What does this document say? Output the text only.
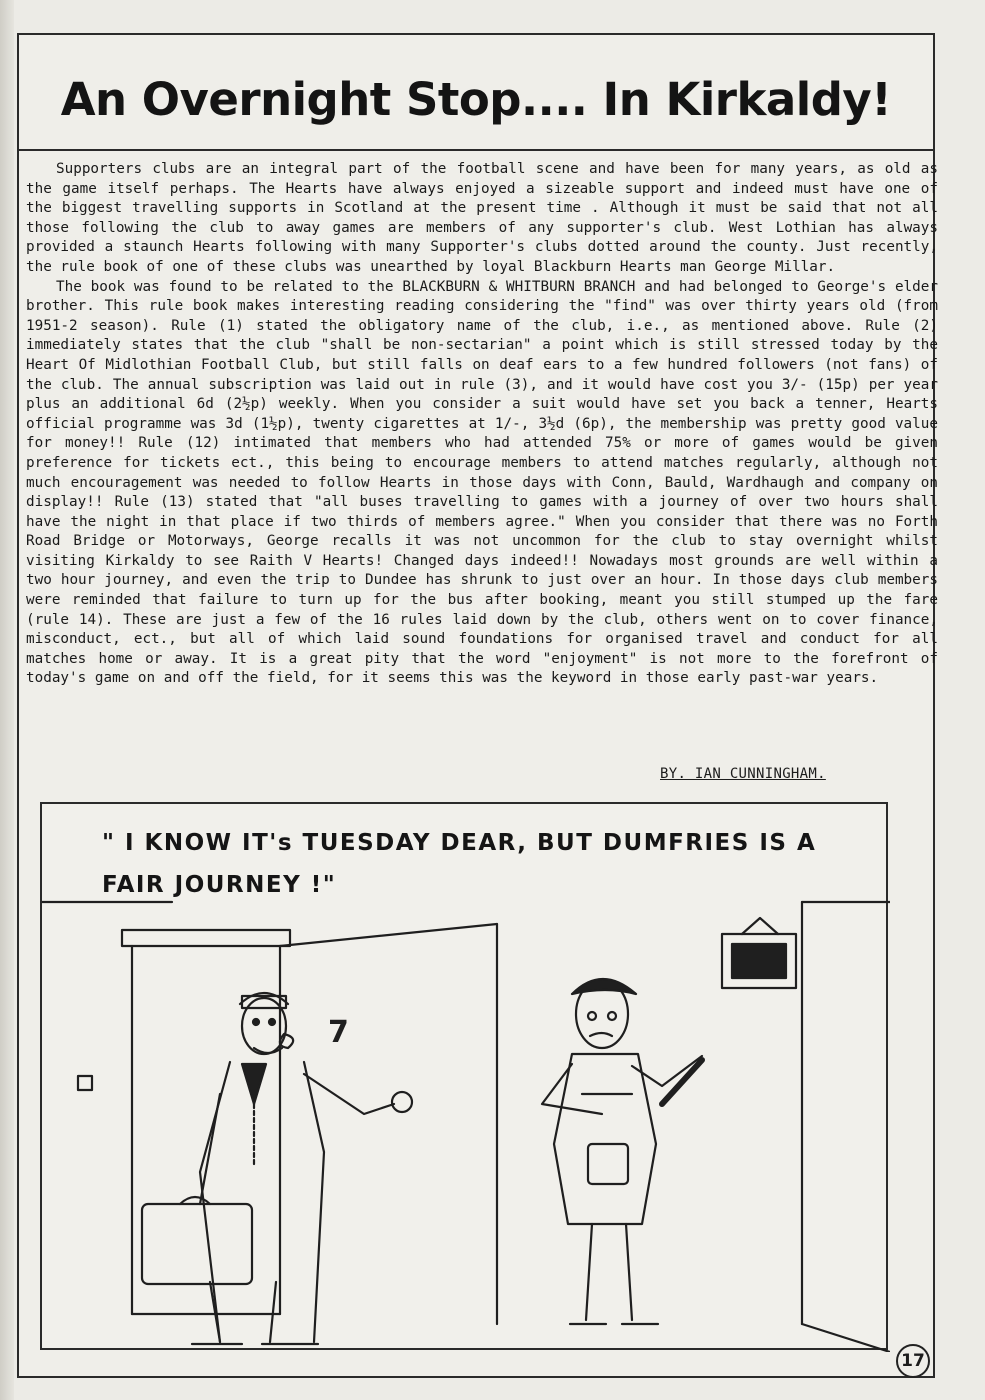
An Overnight Stop.... In Kirkaldy!

Supporters clubs are an integral part of the football scene and have been for many years, as old as the game itself perhaps. The Hearts have always enjoyed a sizeable support and indeed must have one of the biggest travelling supports in Scotland at the present time . Although it must be said that not all those following the club to away games are members of any supporter's club. West Lothian has always provided a staunch Hearts following with many Supporter's clubs dotted around the county. Just recently, the rule book of one of these clubs was unearthed by loyal Blackburn Hearts man George Millar.

The book was found to be related to the BLACKBURN & WHITBURN BRANCH and had belonged to George's elder brother. This rule book makes interesting reading considering the "find" was over thirty years old (from 1951-2 season). Rule (1) stated the obligatory name of the club, i.e., as mentioned above. Rule (2) immediately states that the club "shall be non-sectarian" a point which is still stressed today by the Heart Of Midlothian Football Club, but still falls on deaf ears to a few hundred followers (not fans) of the club. The annual subscription was laid out in rule (3), and it would have cost you 3/- (15p) per year plus an additional 6d (2½p) weekly. When you consider a suit would have set you back a tenner, Hearts official programme was 3d (1½p), twenty cigarettes at 1/-, 3½d (6p), the membership was pretty good value for money!! Rule (12) intimated that members who had attended 75% or more of games would be given preference for tickets ect., this being to encourage members to attend matches regularly, although not much encouragement was needed to follow Hearts in those days with Conn, Bauld, Wardhaugh and company on display!! Rule (13) stated that "all buses travelling to games with a journey of over two hours shall have the night in that place if two thirds of members agree." When you consider that there was no Forth Road Bridge or Motorways, George recalls it was not uncommon for the club to stay overnight whilst visiting Kirkaldy to see Raith V Hearts! Changed days indeed!! Nowadays most grounds are well within a two hour journey, and even the trip to Dundee has shrunk to just over an hour. In those days club members were reminded that failure to turn up for the bus after booking, meant you still stumped up the fare (rule 14). These are just a few of the 16 rules laid down by the club, others went on to cover finance, misconduct, ect., but all of which laid sound foundations for organised travel and conduct for all matches home or away. It is a great pity that the word "enjoyment" is not more to the forefront of today's game on and off the field, for it seems this was the keyword in those early past-war years.

BY. IAN CUNNINGHAM.
" I KNOW IT's TUESDAY DEAR, BUT DUMFRIES IS A FAIR JOURNEY !"
7
17
